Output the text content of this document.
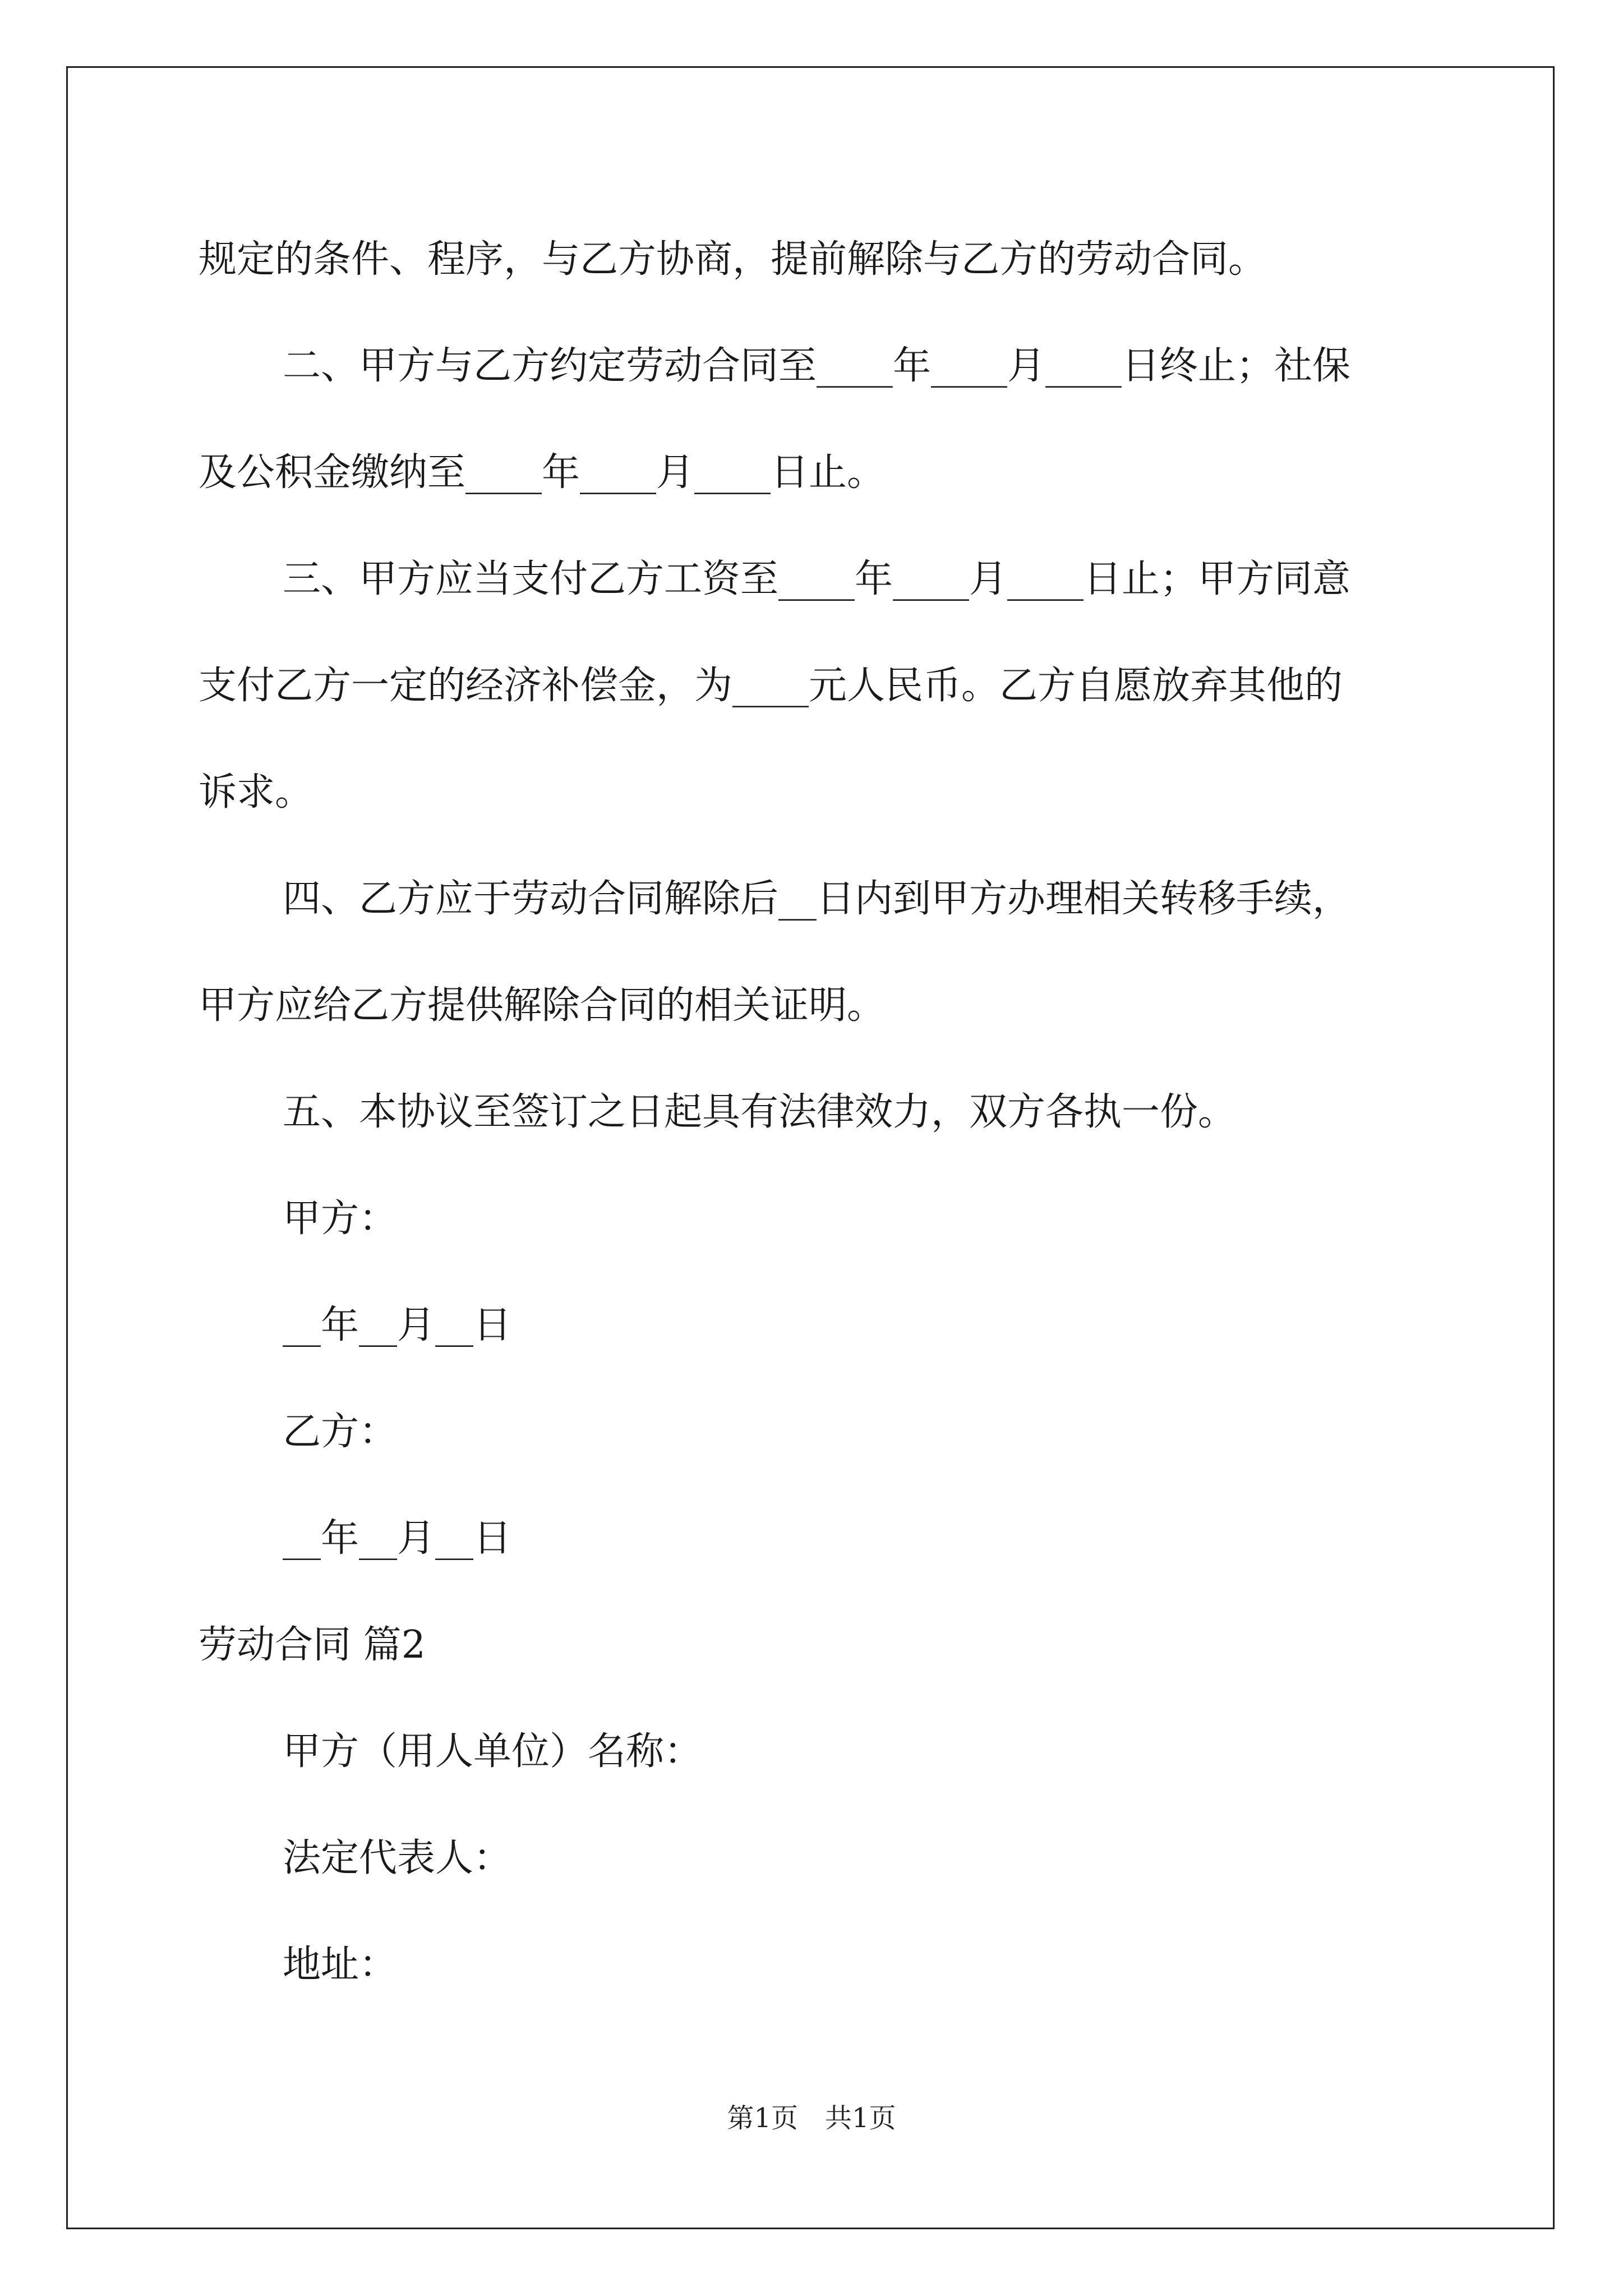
规定的条件、程序，与乙方协商，提前解除与乙方的劳动合同。

二、甲方与乙方约定劳动合同至____年____月____日终止；社保

及公积金缴纳至____年____月____日止。

三、甲方应当支付乙方工资至____年____月____日止；甲方同意

支付乙方一定的经济补偿金，为____元人民币。乙方自愿放弃其他的

诉求。

四、乙方应于劳动合同解除后__日内到甲方办理相关转移手续，

甲方应给乙方提供解除合同的相关证明。

五、本协议至签订之日起具有法律效力，双方各执一份。

甲方：

__年__月__日

乙方：

__年__月__日

劳动合同 篇2

甲方（用人单位）名称：

法定代表人：

地址：

第1页　共1页
